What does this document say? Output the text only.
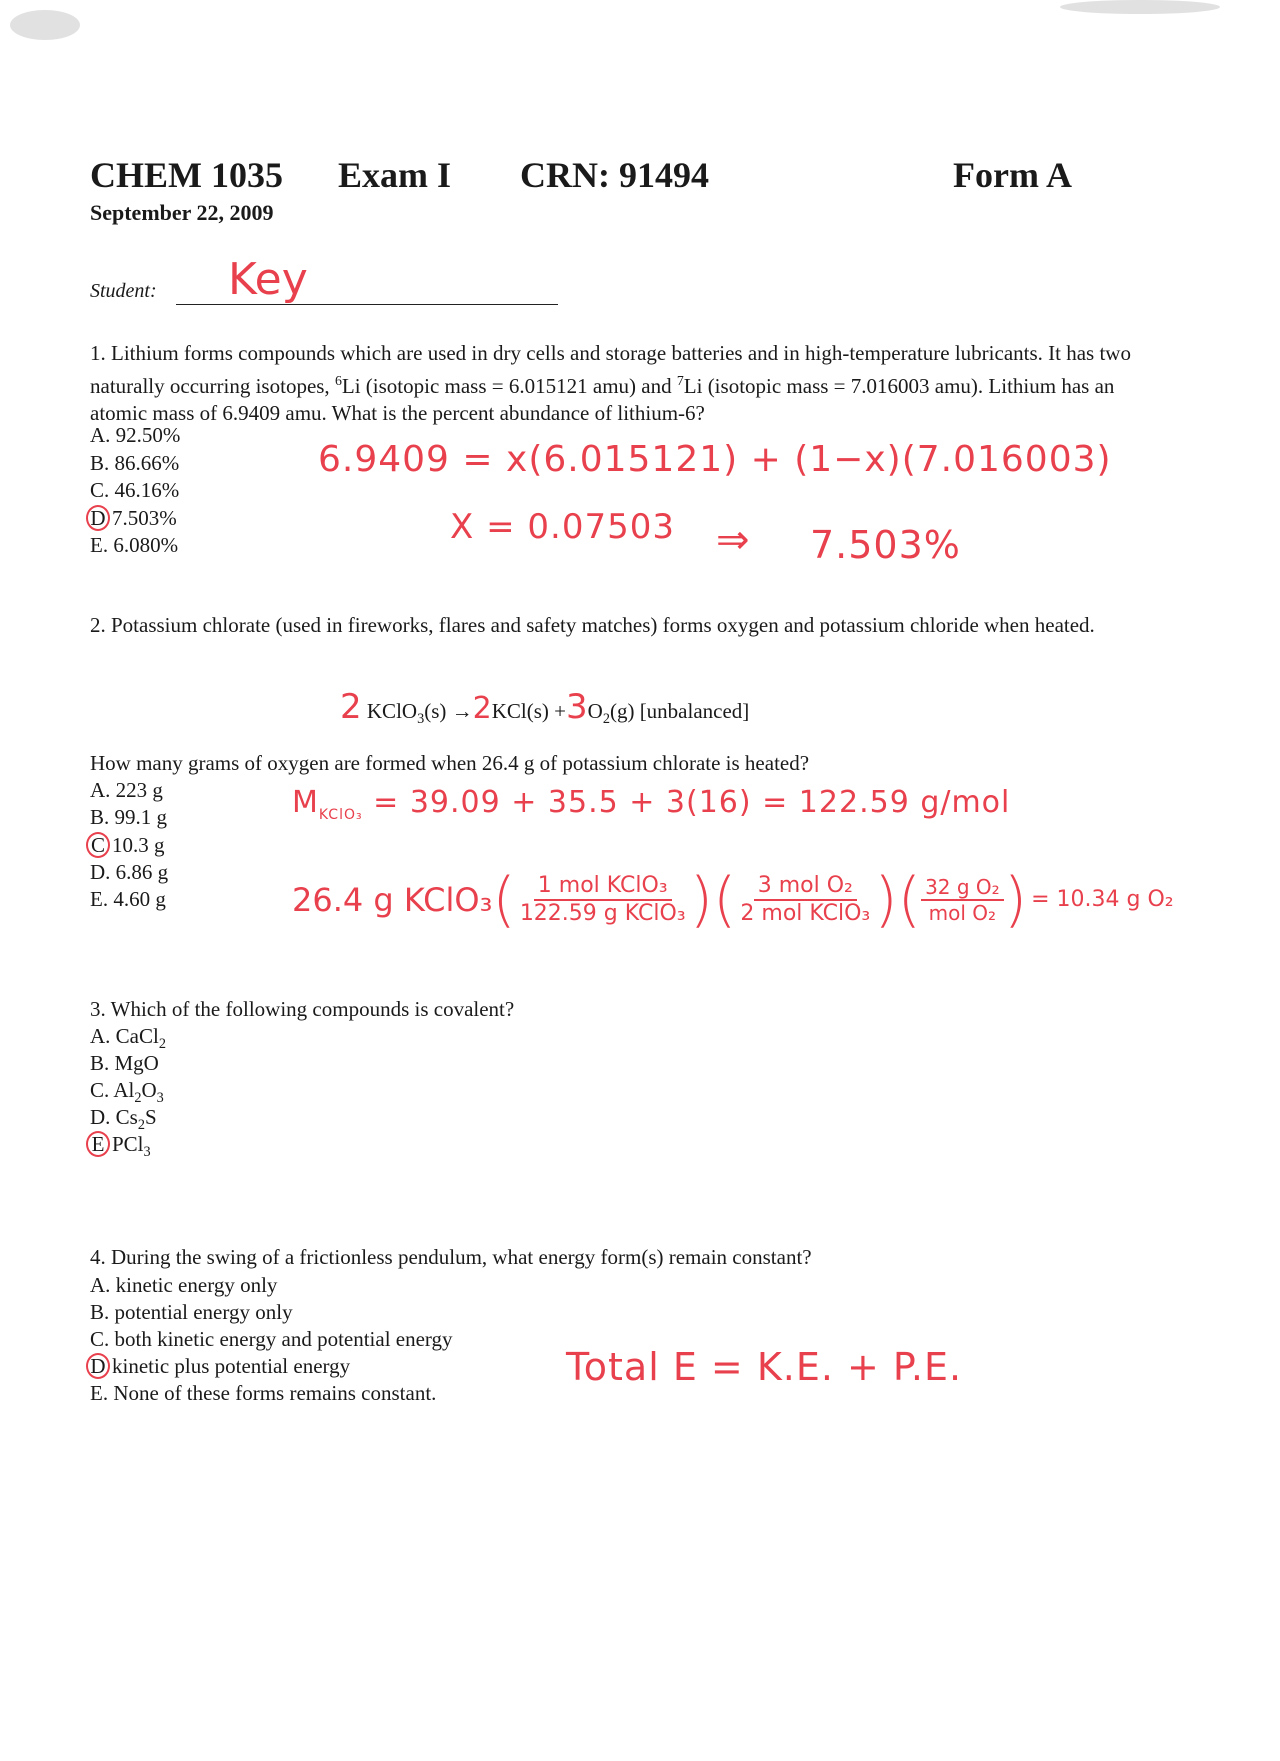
CHEM 1035 Exam I CRN: 91494	Form A
September 22, 2009
Student: Key
1. Lithium forms compounds which are used in dry cells and storage batteries and in high-temperature lubricants. It has two naturally occurring isotopes, $^6$Li (isotopic mass = 6.015121 amu) and $^7$Li (isotopic mass = 7.016003 amu). Lithium has an atomic mass of 6.9409 amu. What is the percent abundance of lithium-6?
A. 92.50%
B. 86.66%
C. 46.16%
D 7.503%
E. 6.080%
6.9409 = x(6.015121) + (1−x)(7.016003)
X = 0.07503 ⇒ 7.503%
2. Potassium chlorate (used in fireworks, flares and safety matches) forms oxygen and potassium chloride when heated.
2 KClO$_3$(s) $\to 2KCl(s) +3O_2(g)$ [unbalanced]
How many grams of oxygen are formed when 26.4 g of potassium chlorate is heated?
A. 223 g
B. 99.1 g
C 10.3 g
D. 6.86 g
E. 4.60 g
$M_{KClO_3} = 39.09 + 35.5 + 3(16) = 122.59$ g/mol
26.4 g KClO₃ ( $\frac{\text{1 mol KClO₃}}{\text{122.59 g KClO₃}}$ )( $\frac{\text{3 mol O₂}}{\text{2 mol KClO₃}}$ )( $\frac{\text{32 g O₂}}{\text{mol O₂}}$ ) = 10.34 g O₂
3. Which of the following compounds is covalent?
A. CaCl$_2$
B. MgO
C. $Al_2O_3$
D. $Cs_2S$
E PCl$_3$
4. During the swing of a frictionless pendulum, what energy form(s) remain constant?
A. kinetic energy only
B. potential energy only
C. both kinetic energy and potential energy
D kinetic plus potential energy
E. None of these forms remains constant.
Total E = K.E. + P.E.
